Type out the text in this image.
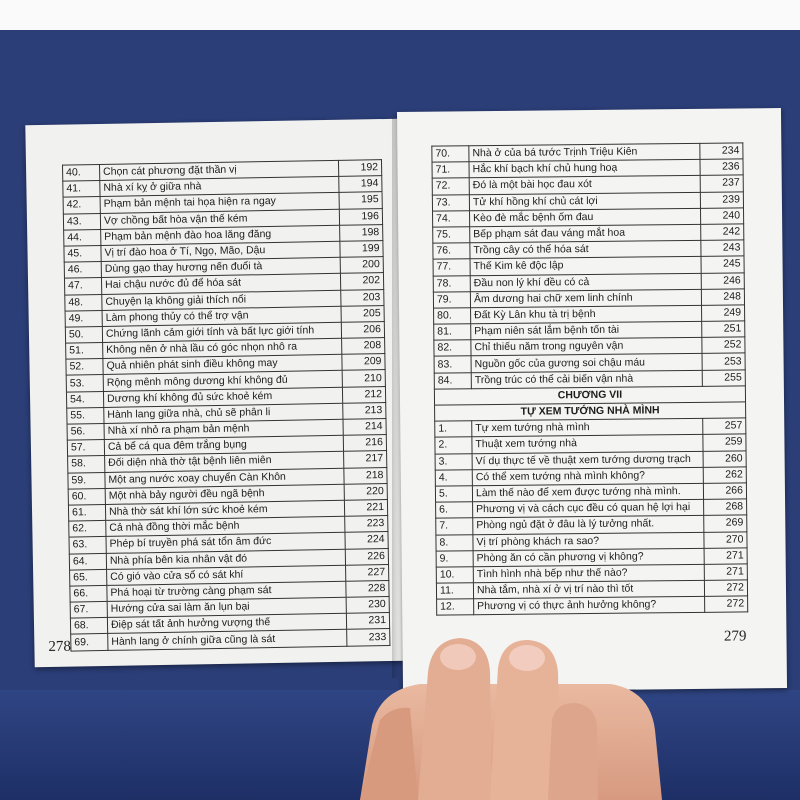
40.	Chọn cát phương đặt thần vị	192
41.	Nhà xí kỵ ở giữa nhà	194
42.	Phạm bản mệnh tai họa hiện ra ngay	195
43.	Vợ chồng bất hòa vận thế kém	196
44.	Phạm bản mệnh đào hoa lăng đăng	198
45.	Vị trí đào hoa ở Tí, Ngọ, Mão, Dậu	199
46.	Dùng gạo thay hương nến đuổi tà	200
47.	Hai chậu nước đủ để hóa sát	202
48.	Chuyện lạ không giải thích nổi	203
49.	Làm phong thủy có thể trợ vận	205
50.	Chứng lãnh cảm giới tính và bất lực giới tính	206
51.	Không nên ở nhà lầu có góc nhọn nhô ra	208
52.	Quả nhiên phát sinh điều không may	209
53.	Rộng mênh mông dương khí không đủ	210
54.	Dương khí không đủ sức khoẻ kém	212
55.	Hành lang giữa nhà, chủ sẽ phân li	213
56.	Nhà xí nhỏ ra phạm bản mệnh	214
57.	Cả bể cá qua đêm trắng bụng	216
58.	Đối diện nhà thờ tật bệnh liên miên	217
59.	Một ang nước xoay chuyển Càn Khôn	218
60.	Một nhà bảy người đều ngã bệnh	220
61.	Nhà thờ sát khí lớn sức khoẻ kém	221
62.	Cả nhà đồng thời mắc bệnh	223
63.	Phép bí truyền phá sát tổn âm đức	224
64.	Nhà phía bên kia nhân vật đó	226
65.	Có gió vào cửa sổ có sát khí	227
66.	Phá hoại từ trường càng phạm sát	228
67.	Hướng cửa sai làm ăn lụn bại	230
68.	Điệp sát tất ảnh hưởng vượng thế	231
69.	Hành lang ở chính giữa cũng là sát	233
278
70.	Nhà ở của bá tước Trịnh Triệu Kiên	234
71.	Hắc khí bạch khí chủ hung hoạ	236
72.	Đó là một bài học đau xót	237
73.	Tử khí hồng khí chủ cát lợi	239
74.	Kèo đè mắc bệnh ốm đau	240
75.	Bếp phạm sát đau váng mắt hoa	242
76.	Trồng cây có thể hóa sát	243
77.	Thế Kim kê độc lập	245
78.	Đầu non lý khí đều có cả	246
79.	Âm dương hai chữ xem linh chính	248
80.	Đất Kỳ Lân khu tà trị bệnh	249
81.	Phạm niên sát lắm bệnh tốn tài	251
82.	Chỉ thiếu năm trong nguyên vận	252
83.	Nguồn gốc của gương soi chậu máu	253
84.	Trồng trúc có thể cải biến vận nhà	255
CHƯƠNG VII		
TỰ XEM TƯỚNG NHÀ MÌNH		
1.	Tự xem tướng nhà mình	257
2.	Thuật xem tướng nhà	259
3.	Ví dụ thực tế về thuật xem tướng dương trạch	260
4.	Có thể xem tướng nhà mình không?	262
5.	Làm thế nào để xem được tướng nhà mình.	266
6.	Phương vị và cách cục đều có quan hệ lợi hại	268
7.	Phòng ngủ đặt ở đâu là lý tưởng nhất.	269
8.	Vị trí phòng khách ra sao?	270
9.	Phòng ăn có cần phương vị không?	271
10.	Tình hình nhà bếp như thế nào?	271
11.	Nhà tắm, nhà xí ở vị trí nào thì tốt	272
12.	Phương vị có thực ảnh hưởng không?	272
279
